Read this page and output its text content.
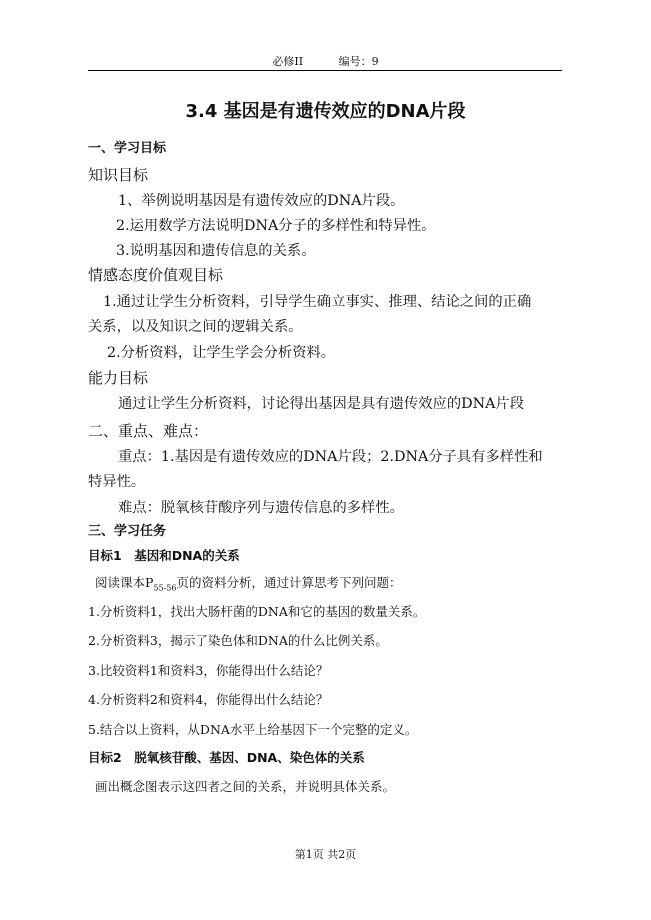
必修II	编号：9
3.4 基因是有遗传效应的DNA片段
一、学习目标
知识目标
1、举例说明基因是有遗传效应的DNA片段。
2.运用数学方法说明DNA分子的多样性和特异性。
3.说明基因和遗传信息的关系。
情感态度价值观目标
1.通过让学生分析资料，引导学生确立事实、推理、结论之间的正确
关系，以及知识之间的逻辑关系。
2.分析资料，让学生学会分析资料。
能力目标
通过让学生分析资料，讨论得出基因是具有遗传效应的DNA片段
二、重点、难点：
重点：1.基因是有遗传效应的DNA片段；2.DNA分子具有多样性和
特异性。
难点：脱氧核苷酸序列与遗传信息的多样性。
三、学习任务
目标1　基因和DNA的关系
阅读课本$P_{55-56}$页的资料分析，通过计算思考下列问题：
1.分析资料1，找出大肠杆菌的DNA和它的基因的数量关系。
2.分析资料3，揭示了染色体和DNA的什么比例关系。
3.比较资料1和资料3，你能得出什么结论？
4.分析资料2和资料4，你能得出什么结论？
5.结合以上资料，从DNA水平上给基因下一个完整的定义。
目标2　脱氧核苷酸、基因、DNA、染色体的关系
画出概念图表示这四者之间的关系，并说明具体关系。
第1页 共2页
